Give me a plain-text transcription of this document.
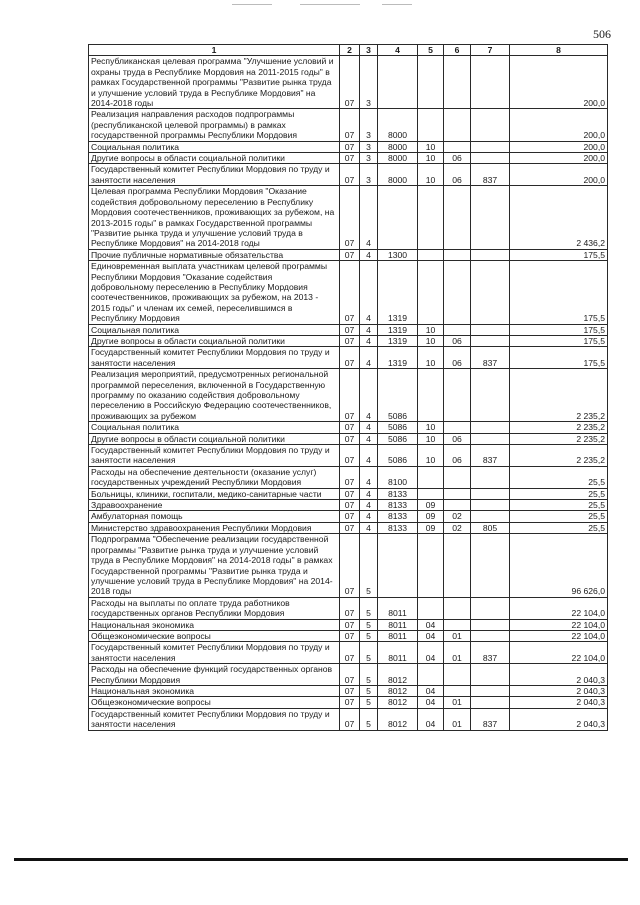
506
1	2	3	4	5	6	7	8
Республиканская целевая программа "Улучшение условий и охраны труда в Республике Мордовия на 2011-2015 годы" в рамках Государственной программы "Развитие рынка труда и улучшение условий труда в Республике Мордовия" на 2014-2018 годы	07	3					200,0
Реализация направления расходов подпрограммы (республиканской целевой программы) в рамках государственной программы Республики Мордовия	07	3	8000				200,0
Социальная политика	07	3	8000	10			200,0
Другие вопросы в области социальной политики	07	3	8000	10	06		200,0
Государственный комитет Республики Мордовия по труду и занятости населения	07	3	8000	10	06	837	200,0
Целевая программа Республики Мордовия "Оказание содействия добровольному переселению в Республику Мордовия соотечественников, проживающих за рубежом, на 2013-2015 годы" в рамках Государственной программы "Развитие рынка труда и улучшение условий труда в Республике Мордовия" на 2014-2018 годы	07	4					2 436,2
Прочие публичные нормативные обязательства	07	4	1300				175,5
Единовременная выплата участникам целевой программы Республики Мордовия "Оказание содействия добровольному переселению в Республику Мордовия соотечественников, проживающих за рубежом, на 2013 - 2015 годы" и членам их семей, переселившимся в Республику Мордовия	07	4	1319				175,5
Социальная политика	07	4	1319	10			175,5
Другие вопросы в области социальной политики	07	4	1319	10	06		175,5
Государственный комитет Республики Мордовия по труду и занятости населения	07	4	1319	10	06	837	175,5
Реализация мероприятий, предусмотренных региональной программой переселения, включенной в Государственную программу по оказанию содействия добровольному переселению в Российскую Федерацию соотечественников, проживающих за рубежом	07	4	5086				2 235,2
Социальная политика	07	4	5086	10			2 235,2
Другие вопросы в области социальной политики	07	4	5086	10	06		2 235,2
Государственный комитет Республики Мордовия по труду и занятости населения	07	4	5086	10	06	837	2 235,2
Расходы на обеспечение деятельности (оказание услуг) государственных учреждений Республики Мордовия	07	4	8100				25,5
Больницы, клиники, госпитали, медико-санитарные части	07	4	8133				25,5
Здравоохранение	07	4	8133	09			25,5
Амбулаторная помощь	07	4	8133	09	02		25,5
Министерство здравоохранения Республики Мордовия	07	4	8133	09	02	805	25,5
Подпрограмма "Обеспечение реализации государственной программы "Развитие рынка труда и улучшение условий труда в Республике Мордовия" на 2014-2018 годы" в рамках Государственной программы "Развитие рынка труда и улучшение условий труда в Республике Мордовия" на 2014-2018 годы	07	5					96 626,0
Расходы на выплаты по оплате труда работников государственных органов Республики Мордовия	07	5	8011				22 104,0
Национальная экономика	07	5	8011	04			22 104,0
Общеэкономические вопросы	07	5	8011	04	01		22 104,0
Государственный комитет Республики Мордовия по труду и занятости населения	07	5	8011	04	01	837	22 104,0
Расходы на обеспечение функций государственных органов Республики Мордовия	07	5	8012				2 040,3
Национальная экономика	07	5	8012	04			2 040,3
Общеэкономические вопросы	07	5	8012	04	01		2 040,3
Государственный комитет Республики Мордовия по труду и занятости населения	07	5	8012	04	01	837	2 040,3
